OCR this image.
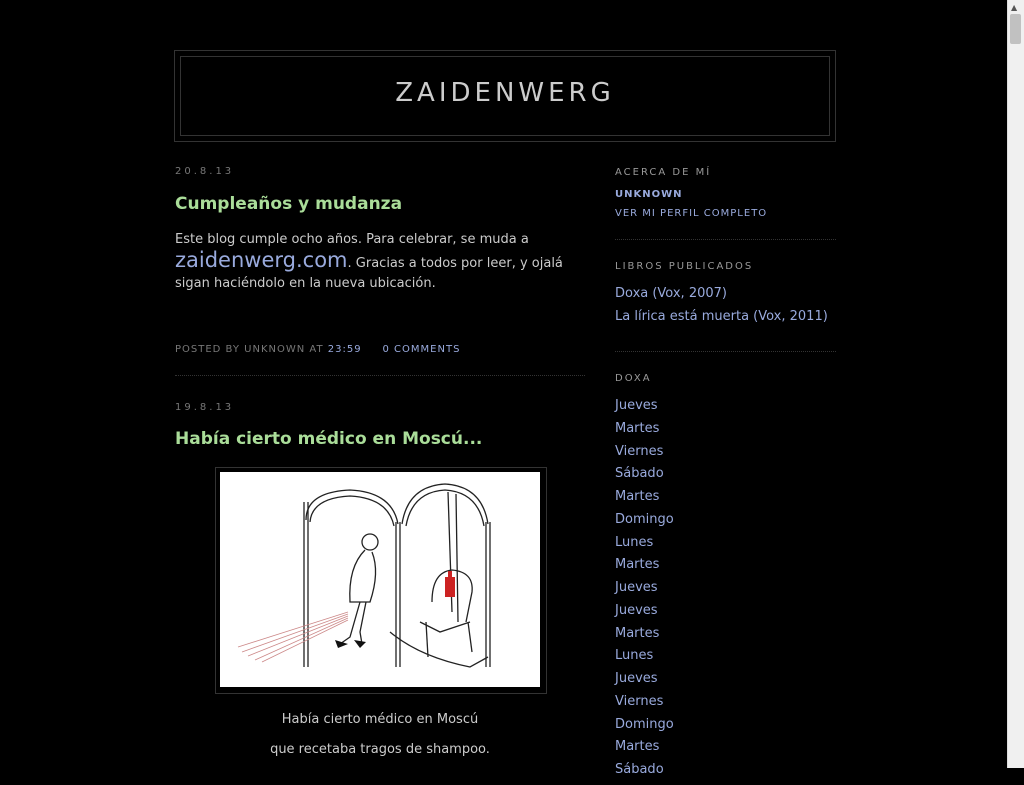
ZAIDENWERG
20.8.13
Cumpleaños y mudanza
Este blog cumple ocho años. Para celebrar, se muda a
zaidenwerg.com. Gracias a todos por leer, y ojalá sigan haciéndolo en la nueva ubicación.
POSTED BY UNKNOWN AT 23:59 0 COMMENTS
19.8.13
Había cierto médico en Moscú...
Había cierto médico en Moscú
que recetaba tragos de shampoo.
ACERCA DE MÍ
UNKNOWN
VER MI PERFIL COMPLETO
LIBROS PUBLICADOS
Doxa (Vox, 2007)
La lírica está muerta (Vox, 2011)
DOXA
Jueves
Martes
Viernes
Sábado
Martes
Domingo
Lunes
Martes
Jueves
Jueves
Martes
Lunes
Jueves
Viernes
Domingo
Martes
Sábado
▲
